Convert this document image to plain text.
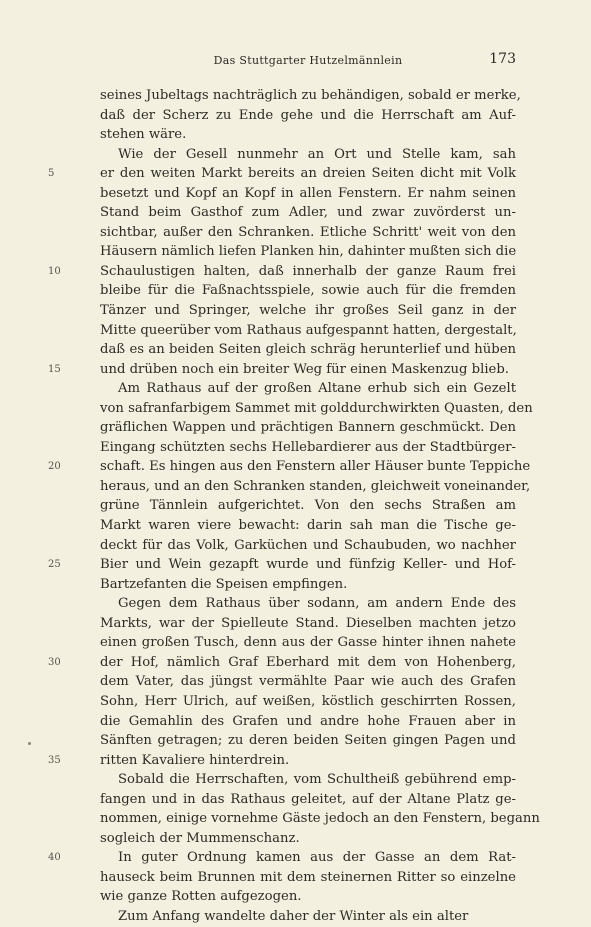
Das Stuttgarter Hutzelmännlein	173
seines Jubeltags nachträglich zu behändigen, sobald er merke,
daß der Scherz zu Ende gehe und die Herrschaft am Auf-
stehen wäre.
Wie der Gesell nunmehr an Ort und Stelle kam, sah
5	er den weiten Markt bereits an dreien Seiten dicht mit Volk
besetzt und Kopf an Kopf in allen Fenstern. Er nahm seinen
Stand beim Gasthof zum Adler, und zwar zuvörderst un-
sichtbar, außer den Schranken. Etliche Schritt' weit von den
Häusern nämlich liefen Planken hin, dahinter mußten sich die
10	Schaulustigen halten, daß innerhalb der ganze Raum frei
bleibe für die Faßnachtsspiele, sowie auch für die fremden
Tänzer und Springer, welche ihr großes Seil ganz in der
Mitte queerüber vom Rathaus aufgespannt hatten, dergestalt,
daß es an beiden Seiten gleich schräg herunterlief und hüben
15	und drüben noch ein breiter Weg für einen Maskenzug blieb.
Am Rathaus auf der großen Altane erhub sich ein Gezelt
von safranfarbigem Sammet mit golddurchwirkten Quasten, den
gräflichen Wappen und prächtigen Bannern geschmückt. Den
Eingang schützten sechs Hellebardierer aus der Stadtbürger-
20	schaft. Es hingen aus den Fenstern aller Häuser bunte Teppiche
heraus, und an den Schranken standen, gleichweit voneinander,
grüne Tännlein aufgerichtet. Von den sechs Straßen am
Markt waren viere bewacht: darin sah man die Tische ge-
deckt für das Volk, Garküchen und Schaubuden, wo nachher
25	Bier und Wein gezapft wurde und fünfzig Keller- und Hof-
Bartzefanten die Speisen empfingen.
Gegen dem Rathaus über sodann, am andern Ende des
Markts, war der Spielleute Stand. Dieselben machten jetzo
einen großen Tusch, denn aus der Gasse hinter ihnen nahete
30	der Hof, nämlich Graf Eberhard mit dem von Hohenberg,
dem Vater, das jüngst vermählte Paar wie auch des Grafen
Sohn, Herr Ulrich, auf weißen, köstlich geschirrten Rossen,
die Gemahlin des Grafen und andre hohe Frauen aber in
Sänften getragen; zu deren beiden Seiten gingen Pagen und
35	ritten Kavaliere hinterdrein.
Sobald die Herrschaften, vom Schultheiß gebührend emp-
fangen und in das Rathaus geleitet, auf der Altane Platz ge-
nommen, einige vornehme Gäste jedoch an den Fenstern, begann
sogleich der Mummenschanz.
40	In guter Ordnung kamen aus der Gasse an dem Rat-
hauseck beim Brunnen mit dem steinernen Ritter so einzelne
wie ganze Rotten aufgezogen.
Zum Anfang wandelte daher der Winter als ein alter
